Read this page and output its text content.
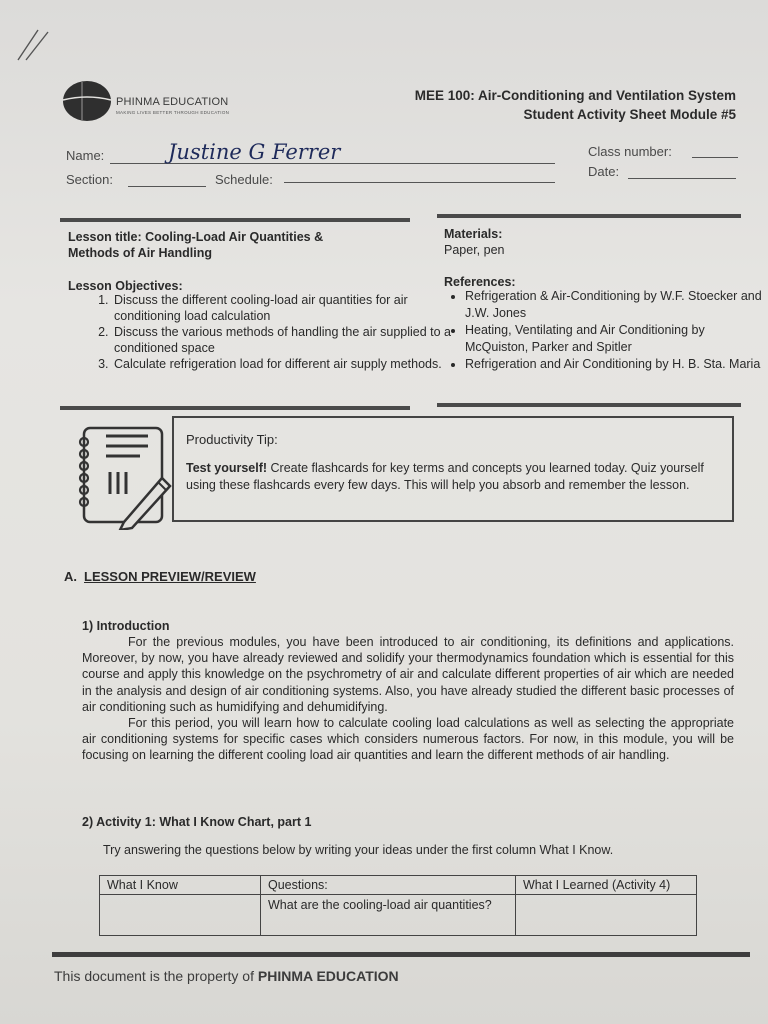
PHINMA EDUCATION
MAKING LIVES BETTER THROUGH EDUCATION
MEE 100: Air-Conditioning and Ventilation System
Student Activity Sheet Module #5
Name:	Justine G Ferrer
Section:	Schedule:
Class number:
Date:
Lesson title: Cooling-Load Air Quantities &
Methods of Air Handling
Materials:
Paper, pen
Lesson Objectives:
1. Discuss the different cooling-load air quantities for air conditioning load calculation
2. Discuss the various methods of handling the air supplied to a conditioned space
3. Calculate refrigeration load for different air supply methods.
References:
• Refrigeration & Air-Conditioning by W.F. Stoecker and J.W. Jones
• Heating, Ventilating and Air Conditioning by McQuiston, Parker and Spitler
• Refrigeration and Air Conditioning by H. B. Sta. Maria
Productivity Tip:
Test yourself! Create flashcards for key terms and concepts you learned today. Quiz yourself using these flashcards every few days. This will help you absorb and remember the lesson.
A. LESSON PREVIEW/REVIEW
1) Introduction

For the previous modules, you have been introduced to air conditioning, its definitions and applications. Moreover, by now, you have already reviewed and solidify your thermodynamics foundation which is essential for this course and apply this knowledge on the psychrometry of air and calculate different properties of air which are needed in the analysis and design of air conditioning systems. Also, you have already studied the different basic processes of air conditioning such as humidifying and dehumidifying.

For this period, you will learn how to calculate cooling load calculations as well as selecting the appropriate air conditioning systems for specific cases which considers numerous factors. For now, in this module, you will be focusing on learning the different cooling load air quantities and learn the different methods of air handling.

2) Activity 1: What I Know Chart, part 1
Try answering the questions below by writing your ideas under the first column What I Know.
What I Know	Questions:	What I Learned (Activity 4)
	What are the cooling-load air quantities?	
This document is the property of PHINMA EDUCATION
